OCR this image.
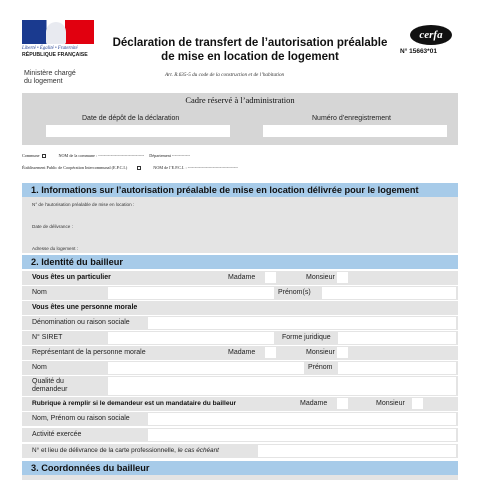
Liberté • Égalité • Fraternité
RÉPUBLIQUE FRANÇAISE
Ministère chargé
du logement
Déclaration de transfert de l’autorisation préalable
de mise en location de logement
cerfa
N° 15663*01
Art. R.635-5 du code de la construction et de l’habitation
Cadre réservé à l’administration
Date de dépôt de la déclaration	Numéro d’enregistrement
Commune	NOM de la commune : --------------------------------- Département -------------
Établissement Public de Coopération Intercommunal (E.P.C.I.)	NOM de l’E.P.C.I. : ------------------------------------
1. Informations sur l’autorisation préalable de mise en location délivrée pour le logement
N° de l’autorisation préalable de mise en location :
Date de délivrance :
Adresse du logement :
2. Identité du bailleur
Vous êtes un particulier	Madame	Monsieur
Nom	Prénom(s)
Vous êtes une personne morale
Dénomination ou raison sociale
N° SIRET	Forme juridique
Représentant de la personne morale	Madame	Monsieur
Nom	Prénom
Qualité du demandeur
Rubrique à remplir si le demandeur est un mandataire du bailleur	Madame	Monsieur
Nom, Prénom ou raison sociale
Activité exercée
N° et lieu de délivrance de la carte professionnelle, le cas échéant
3. Coordonnées du bailleur
